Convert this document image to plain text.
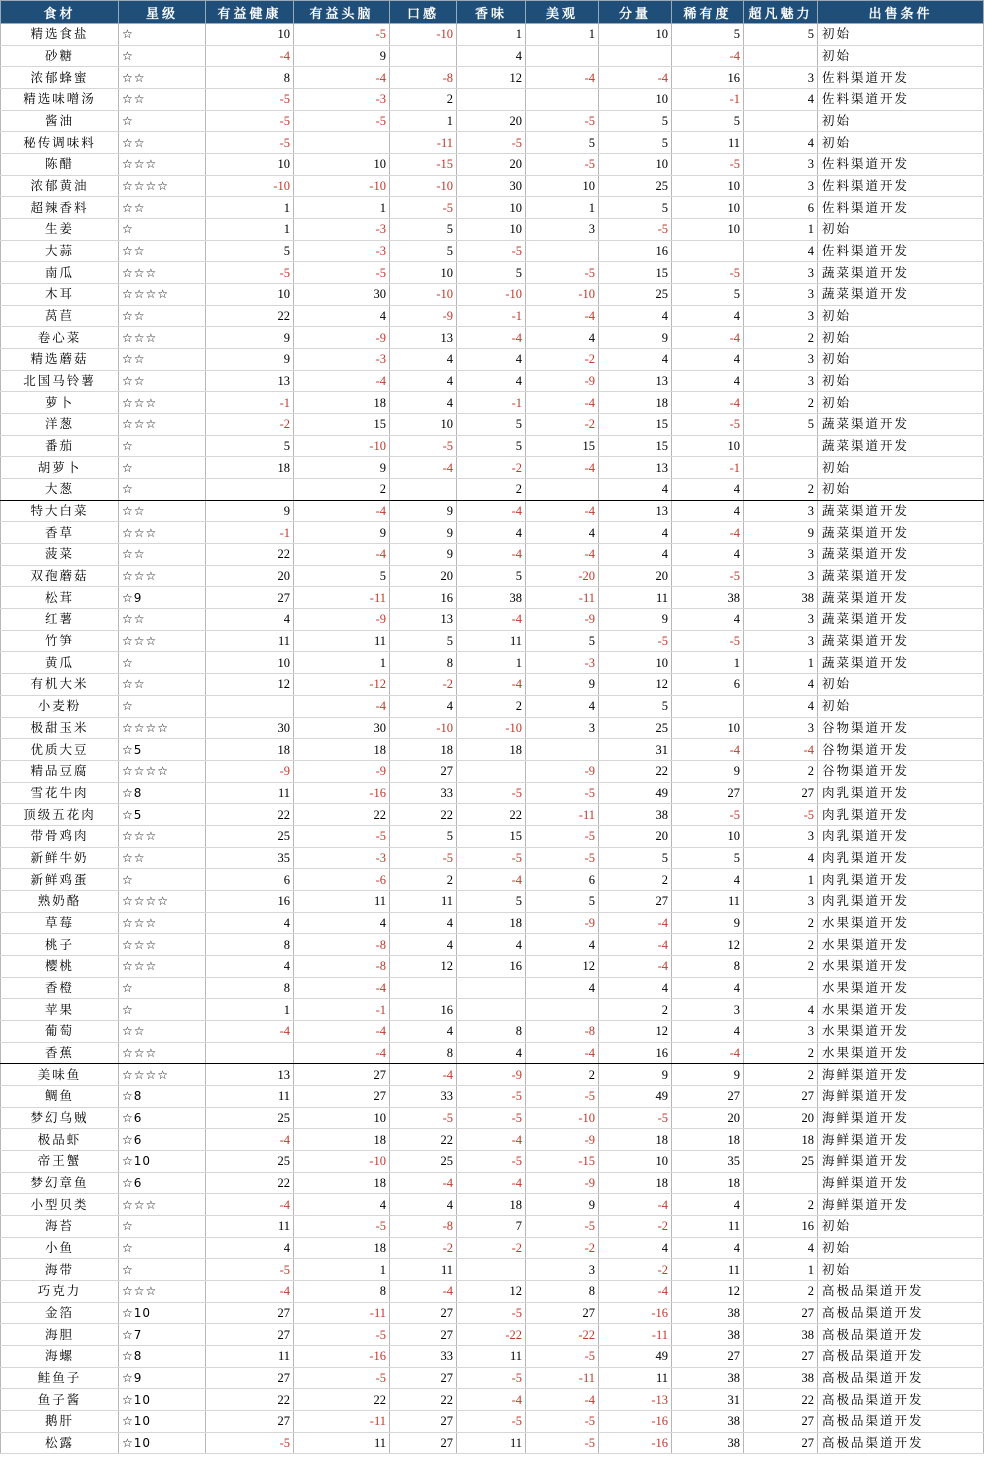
食材	星级	有益健康	有益头脑	口感	香味	美观	分量	稀有度	超凡魅力	出售条件
精选食盐	☆	10	-5	-10	1	1	10	5	5	初始
砂糖	☆	-4	9		4			-4		初始
浓郁蜂蜜	☆☆	8	-4	-8	12	-4	-4	16	3	佐料渠道开发
精选味噌汤	☆☆	-5	-3	2			10	-1	4	佐料渠道开发
酱油	☆	-5	-5	1	20	-5	5	5		初始
秘传调味料	☆☆	-5		-11	-5	5	5	11	4	初始
陈醋	☆☆☆	10	10	-15	20	-5	10	-5	3	佐料渠道开发
浓郁黄油	☆☆☆☆	-10	-10	-10	30	10	25	10	3	佐料渠道开发
超辣香料	☆☆	1	1	-5	10	1	5	10	6	佐料渠道开发
生姜	☆	1	-3	5	10	3	-5	10	1	初始
大蒜	☆☆	5	-3	5	-5		16		4	佐料渠道开发
南瓜	☆☆☆	-5	-5	10	5	-5	15	-5	3	蔬菜渠道开发
木耳	☆☆☆☆	10	30	-10	-10	-10	25	5	3	蔬菜渠道开发
莴苣	☆☆	22	4	-9	-1	-4	4	4	3	初始
卷心菜	☆☆☆	9	-9	13	-4	4	9	-4	2	初始
精选蘑菇	☆☆	9	-3	4	4	-2	4	4	3	初始
北国马铃薯	☆☆	13	-4	4	4	-9	13	4	3	初始
萝卜	☆☆☆	-1	18	4	-1	-4	18	-4	2	初始
洋葱	☆☆☆	-2	15	10	5	-2	15	-5	5	蔬菜渠道开发
番茄	☆	5	-10	-5	5	15	15	10		蔬菜渠道开发
胡萝卜	☆	18	9	-4	-2	-4	13	-1		初始
大葱	☆		2		2		4	4	2	初始
特大白菜	☆☆	9	-4	9	-4	-4	13	4	3	蔬菜渠道开发
香草	☆☆☆	-1	9	9	4	4	4	-4	9	蔬菜渠道开发
菠菜	☆☆	22	-4	9	-4	-4	4	4	3	蔬菜渠道开发
双孢蘑菇	☆☆☆	20	5	20	5	-20	20	-5	3	蔬菜渠道开发
松茸	☆9	27	-11	16	38	-11	11	38	38	蔬菜渠道开发
红薯	☆☆	4	-9	13	-4	-9	9	4	3	蔬菜渠道开发
竹笋	☆☆☆	11	11	5	11	5	-5	-5	3	蔬菜渠道开发
黄瓜	☆	10	1	8	1	-3	10	1	1	蔬菜渠道开发
有机大米	☆☆	12	-12	-2	-4	9	12	6	4	初始
小麦粉	☆		-4	4	2	4	5		4	初始
极甜玉米	☆☆☆☆	30	30	-10	-10	3	25	10	3	谷物渠道开发
优质大豆	☆5	18	18	18	18		31	-4	-4	谷物渠道开发
精品豆腐	☆☆☆☆	-9	-9	27		-9	22	9	2	谷物渠道开发
雪花牛肉	☆8	11	-16	33	-5	-5	49	27	27	肉乳渠道开发
顶级五花肉	☆5	22	22	22	22	-11	38	-5	-5	肉乳渠道开发
带骨鸡肉	☆☆☆	25	-5	5	15	-5	20	10	3	肉乳渠道开发
新鲜牛奶	☆☆	35	-3	-5	-5	-5	5	5	4	肉乳渠道开发
新鲜鸡蛋	☆	6	-6	2	-4	6	2	4	1	肉乳渠道开发
熟奶酪	☆☆☆☆	16	11	11	5	5	27	11	3	肉乳渠道开发
草莓	☆☆☆	4	4	4	18	-9	-4	9	2	水果渠道开发
桃子	☆☆☆	8	-8	4	4	4	-4	12	2	水果渠道开发
樱桃	☆☆☆	4	-8	12	16	12	-4	8	2	水果渠道开发
香橙	☆	8	-4			4	4	4		水果渠道开发
苹果	☆	1	-1	16			2	3	4	水果渠道开发
葡萄	☆☆	-4	-4	4	8	-8	12	4	3	水果渠道开发
香蕉	☆☆☆		-4	8	4	-4	16	-4	2	水果渠道开发
美味鱼	☆☆☆☆	13	27	-4	-9	2	9	9	2	海鲜渠道开发
鲷鱼	☆8	11	27	33	-5	-5	49	27	27	海鲜渠道开发
梦幻乌贼	☆6	25	10	-5	-5	-10	-5	20	20	海鲜渠道开发
极品虾	☆6	-4	18	22	-4	-9	18	18	18	海鲜渠道开发
帝王蟹	☆10	25	-10	25	-5	-15	10	35	25	海鲜渠道开发
梦幻章鱼	☆6	22	18	-4	-4	-9	18	18		海鲜渠道开发
小型贝类	☆☆☆	-4	4	4	18	9	-4	4	2	海鲜渠道开发
海苔	☆	11	-5	-8	7	-5	-2	11	16	初始
小鱼	☆	4	18	-2	-2	-2	4	4	4	初始
海带	☆	-5	1	11		3	-2	11	1	初始
巧克力	☆☆☆	-4	8	-4	12	8	-4	12	2	高极品渠道开发
金箔	☆10	27	-11	27	-5	27	-16	38	27	高极品渠道开发
海胆	☆7	27	-5	27	-22	-22	-11	38	38	高极品渠道开发
海螺	☆8	11	-16	33	11	-5	49	27	27	高极品渠道开发
鲑鱼子	☆9	27	-5	27	-5	-11	11	38	38	高极品渠道开发
鱼子酱	☆10	22	22	22	-4	-4	-13	31	22	高极品渠道开发
鹅肝	☆10	27	-11	27	-5	-5	-16	38	27	高极品渠道开发
松露	☆10	-5	11	27	11	-5	-16	38	27	高极品渠道开发
